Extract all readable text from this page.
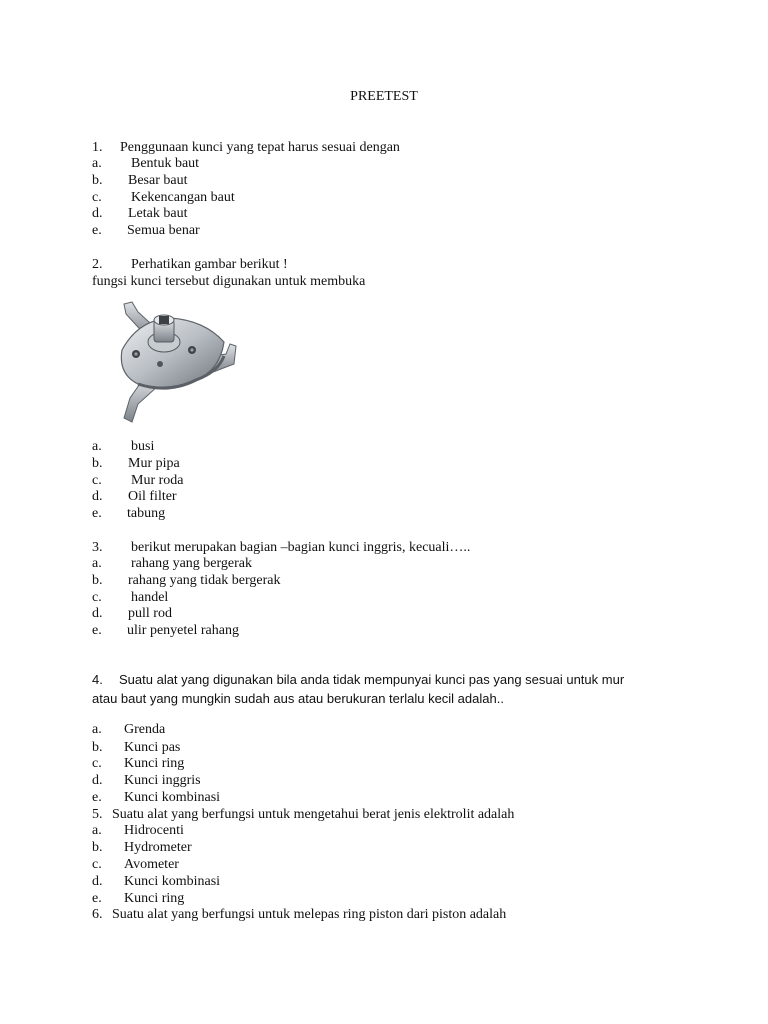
PREETEST
1. Penggunaan kunci yang tepat harus sesuai dengan
a. Bentuk baut
b. Besar baut
c. Kekencangan baut
d. Letak baut
e. Semua benar
2. Perhatikan gambar berikut !
fungsi kunci tersebut digunakan untuk membuka
a. busi
b. Mur pipa
c. Mur roda
d. Oil filter
e. tabung
3. berikut merupakan bagian –bagian kunci inggris, kecuali…..
a. rahang yang bergerak
b. rahang yang tidak bergerak
c. handel
d. pull rod
e. ulir penyetel rahang
4. Suatu alat yang digunakan bila anda tidak mempunyai kunci pas yang sesuai untuk mur
atau baut yang mungkin sudah aus atau berukuran terlalu kecil adalah..
a. Grenda
b. Kunci pas
c. Kunci ring
d. Kunci inggris
e. Kunci kombinasi
5. Suatu alat yang berfungsi untuk mengetahui berat jenis elektrolit adalah
a. Hidrocenti
b. Hydrometer
c. Avometer
d. Kunci kombinasi
e. Kunci ring
6. Suatu alat yang berfungsi untuk melepas ring piston dari piston adalah
